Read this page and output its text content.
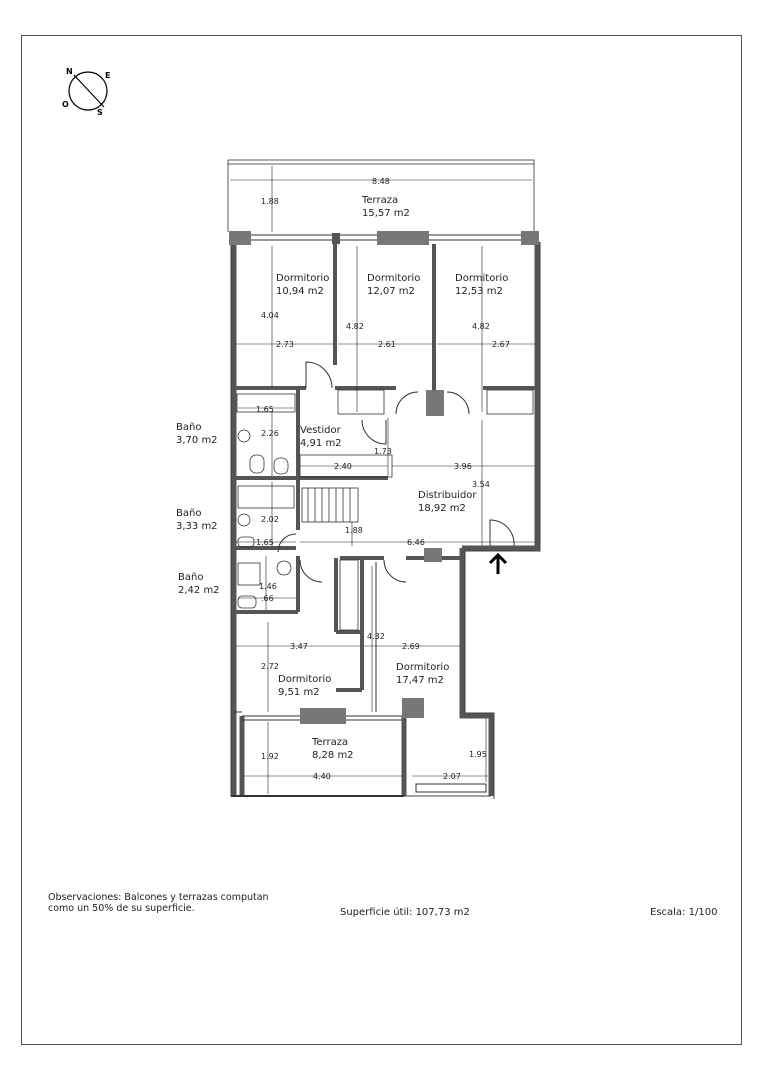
N	E
O
S
Terraza
15,57 m2
Dormitorio
10,94 m2
Dormitorio
12,07 m2
Dormitorio
12,53 m2
Baño
3,70 m2
Vestidor
4,91 m2
Baño
3,33 m2
Distribuidor
18,92 m2
Baño
2,42 m2
Dormitorio
9,51 m2
Dormitorio
17,47 m2
Terraza
8,28 m2
8.48
1.88
4.04
4.82	4.82
2.73	2.61	2.67
1.65
2.26
1.73
2.40	3.96
3.54
2.02
1.88
1.65	6.46
1.46
.66
3.47
4.32
2.69
2.72
1.92
4.40
1.95
2.07
Observaciones: Balcones y terrazas computan
como un 50% de su superficie.	Superficie útil: 107,73 m2	Escala: 1/100
